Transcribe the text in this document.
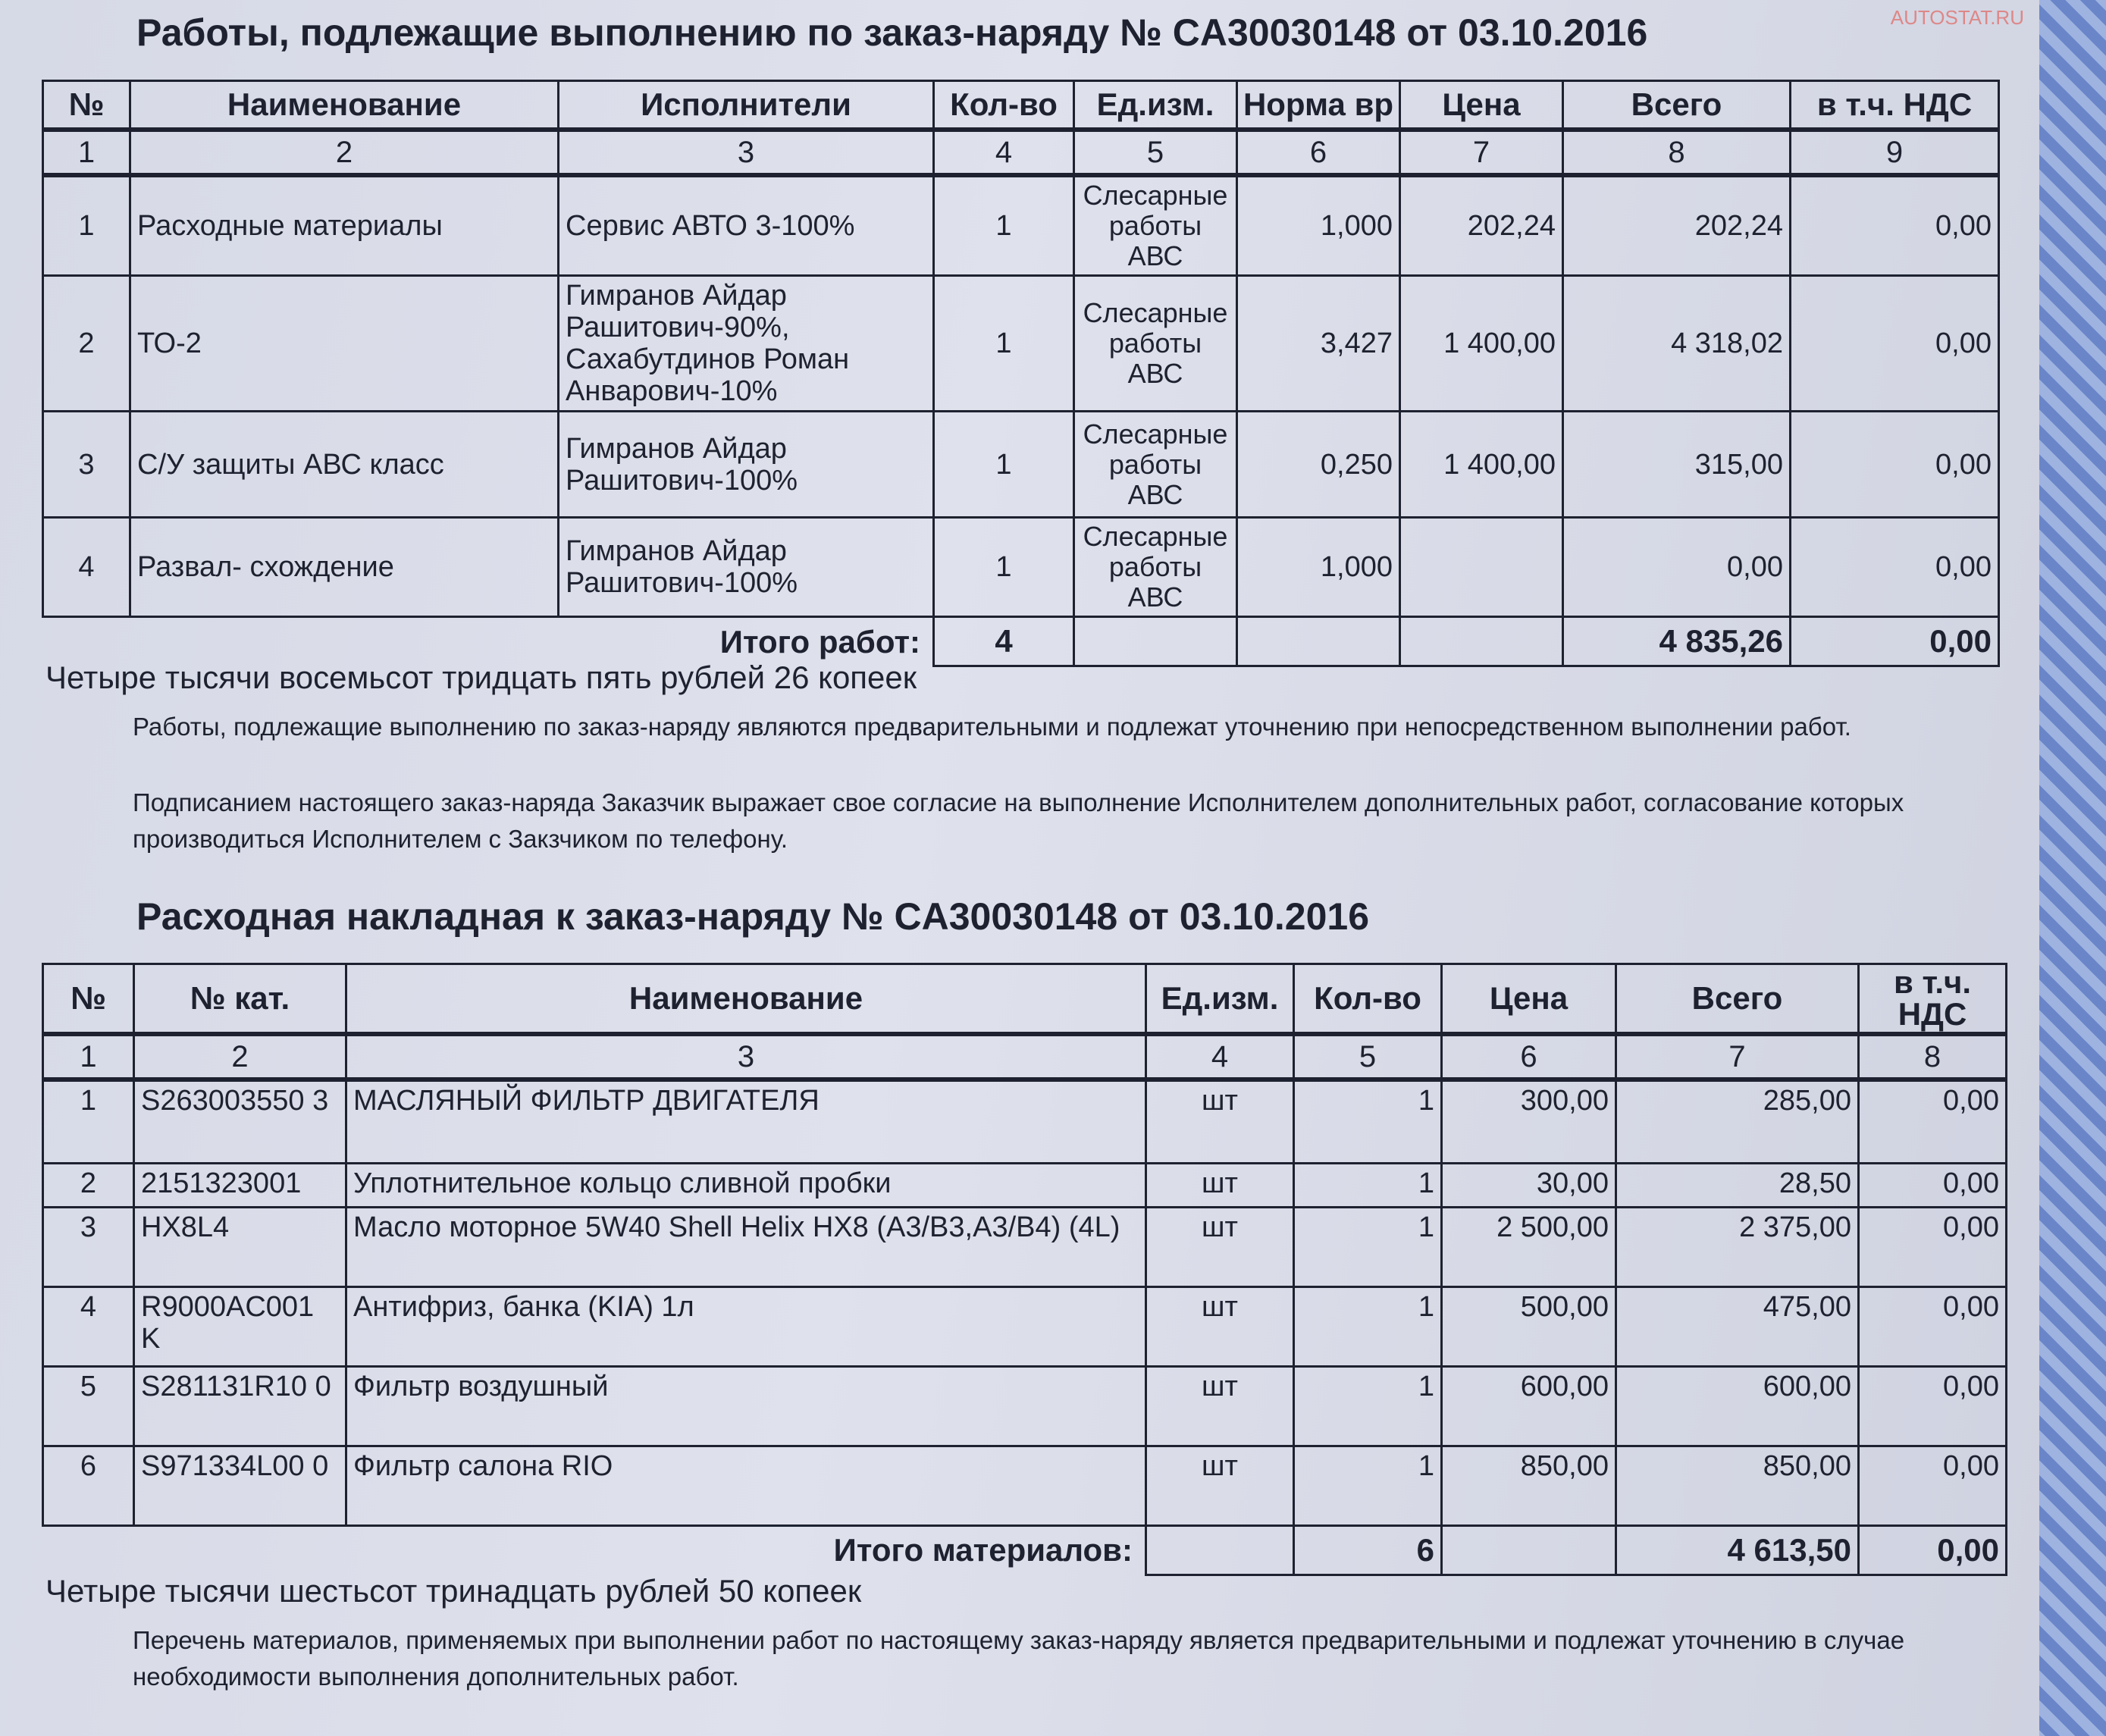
AUTOSTAT.RU
Работы, подлежащие выполнению по заказ-наряду № CA30030148 от 03.10.2016
№	Наименование	Исполнители	Кол-во	Ед.изм.	Норма вр	Цена	Всего	в т.ч. НДС
1	2	3	4	5	6	7	8	9
1	Расходные материалы	Сервис АВТО 3-100%	1	Слесарные работы АВС	1,000	202,24	202,24	0,00
2	ТО-2	Гимранов Айдар Рашитович-90%, Сахабутдинов Роман Анварович-10%	1	Слесарные работы АВС	3,427	1 400,00	4 318,02	0,00
3	С/У защиты АВС класс	Гимранов Айдар Рашитович-100%	1	Слесарные работы АВС	0,250	1 400,00	315,00	0,00
4	Развал- схождение	Гимранов Айдар Рашитович-100%	1	Слесарные работы АВС	1,000		0,00	0,00
Итого работ:			4				4 835,26	0,00
Четыре тысячи восемьсот тридцать пять рублей 26 копеек
Работы, подлежащие выполнению по заказ-наряду являются предварительными и подлежат уточнению при непосредственном выполнении работ.
Подписанием настоящего заказ-наряда Заказчик выражает свое согласие на выполнение Исполнителем дополнительных работ, согласование которых производиться Исполнителем с Закзчиком по телефону.
Расходная накладная к заказ-наряду № CA30030148 от 03.10.2016
№	№ кат.	Наименование	Ед.изм.	Кол-во	Цена	Всего	в т.ч. НДС
1	2	3	4	5	6	7	8
1	S263003550 3	МАСЛЯНЫЙ ФИЛЬТР ДВИГАТЕЛЯ	шт	1	300,00	285,00	0,00
2	2151323001	Уплотнительное кольцо сливной пробки	шт	1	30,00	28,50	0,00
3	HX8L4	Масло моторное 5W40 Shell Helix HX8 (A3/B3,A3/B4) (4L)	шт	1	2 500,00	2 375,00	0,00
4	R9000AC001 K	Антифриз, банка (KIA) 1л	шт	1	500,00	475,00	0,00
5	S281131R10 0	Фильтр воздушный	шт	1	600,00	600,00	0,00
6	S971334L00 0	Фильтр салона RIO	шт	1	850,00	850,00	0,00
Итого материалов:				6		4 613,50	0,00
Четыре тысячи шестьсот тринадцать рублей 50 копеек
Перечень материалов, применяемых при выполнении работ по настоящему заказ-наряду является предварительными и подлежат уточнению в случае необходимости выполнения дополнительных работ.
